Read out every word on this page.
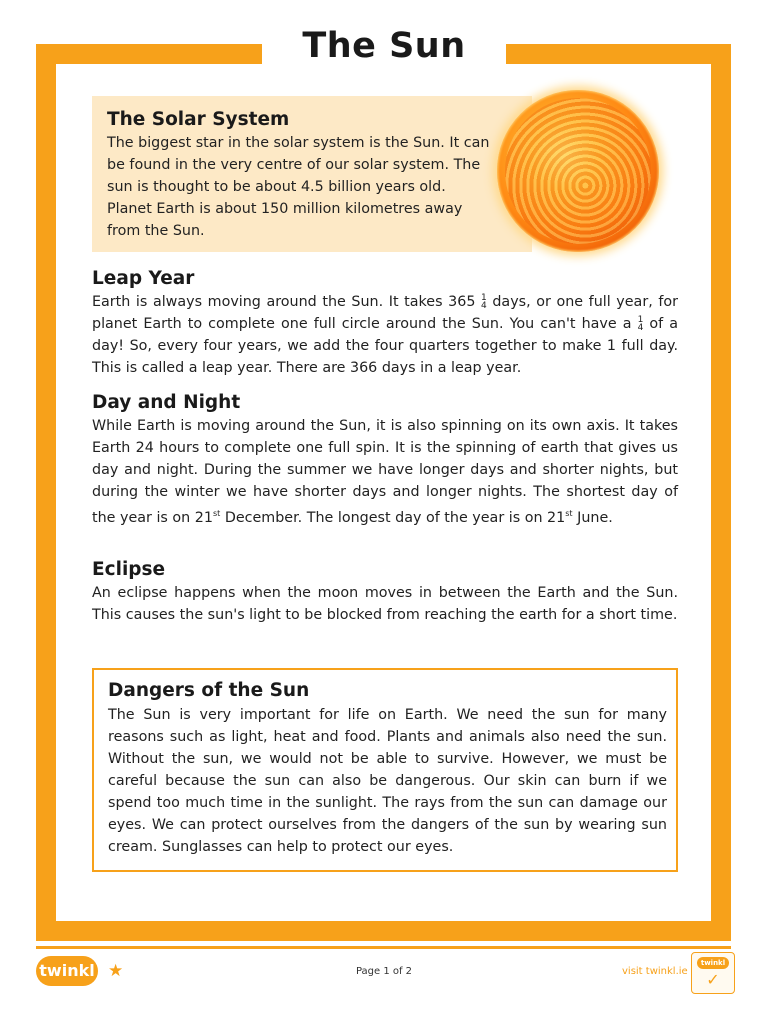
The Sun
The Solar System

The biggest star in the solar system is the Sun. It can be found in the very centre of our solar system. The sun is thought to be about 4.5 billion years old. Planet Earth is about 150 million kilometres away from the Sun.

Leap Year

Earth is always moving around the Sun. It takes 365 1
4 days, or one full year, for planet Earth to complete one full circle around the Sun. You can't have a 1
4 of a day! So, every four years, we add the four quarters together to make 1 full day. This is called a leap year. There are 366 days in a leap year.

Day and Night

While Earth is moving around the Sun, it is also spinning on its own axis. It takes Earth 24 hours to complete one full spin. It is the spinning of earth that gives us day and night. During the summer we have longer days and shorter nights, but during the winter we have shorter days and longer nights. The shortest day of the year is on 21st December. The longest day of the year is on 21st June.

Eclipse

An eclipse happens when the moon moves in between the Earth and the Sun. This causes the sun's light to be blocked from reaching the earth for a short time.

Dangers of the Sun

The Sun is very important for life on Earth. We need the sun for many reasons such as light, heat and food. Plants and animals also need the sun. Without the sun, we would not be able to survive. However, we must be careful because the sun can also be dangerous. Our skin can burn if we spend too much time in the sunlight. The rays from the sun can damage our eyes. We can protect ourselves from the dangers of the sun by wearing sun cream. Sunglasses can help to protect our eyes.

twinkl ★	Page 1 of 2	visit twinkl.ie
twinkl
✓
